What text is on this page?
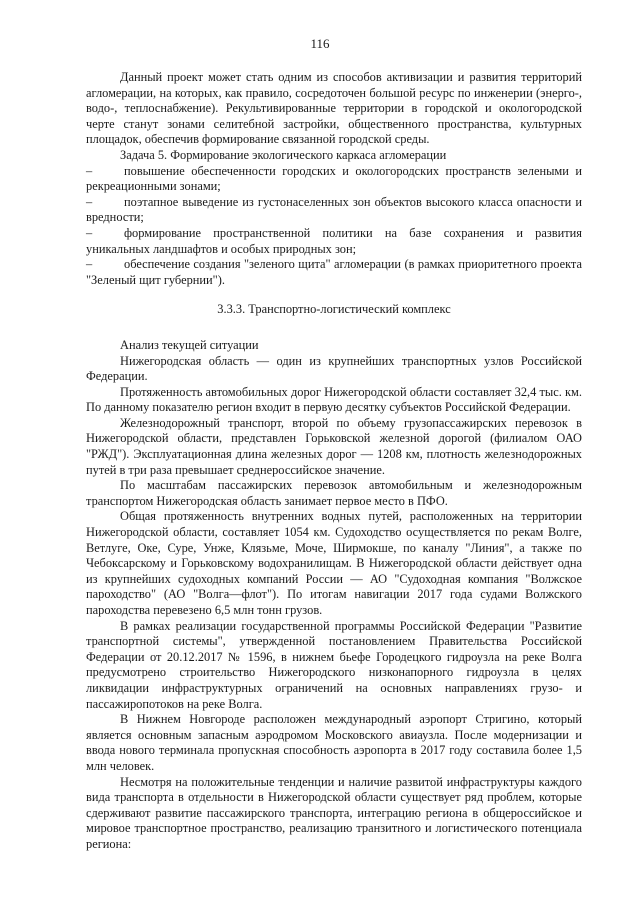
116

Данный проект может стать одним из способов активизации и развития территорий агломерации, на которых, как правило, сосредоточен большой ресурс по инженерии (энерго-, водо-, теплоснабжение). Рекультивированные территории в городской и окологородской черте станут зонами селитебной застройки, общественного пространства, культурных площадок, обеспечив формирование связанной городской среды.

Задача 5. Формирование экологического каркаса агломерации

–	повышение обеспеченности городских и окологородских пространств зелеными и рекреационными зонами;

–	поэтапное выведение из густонаселенных зон объектов высокого класса опасности и вредности;

–	формирование пространственной политики на базе сохранения и развития уникальных ландшафтов и особых природных зон;

–	обеспечение создания "зеленого щита" агломерации (в рамках приоритетного проекта "Зеленый щит губернии").

3.3.3. Транспортно-логистический комплекс

Анализ текущей ситуации

Нижегородская область — один из крупнейших транспортных узлов Российской Федерации.

Протяженность автомобильных дорог Нижегородской области составляет 32,4 тыс. км. По данному показателю регион входит в первую десятку субъектов Российской Федерации.

Железнодорожный транспорт, второй по объему грузопассажирских перевозок в Нижегородской области, представлен Горьковской железной дорогой (филиалом ОАО "РЖД"). Эксплуатационная длина железных дорог — 1208 км, плотность железнодорожных путей в три раза превышает среднероссийское значение.

По масштабам пассажирских перевозок автомобильным и железнодорожным транспортом Нижегородская область занимает первое место в ПФО.

Общая протяженность внутренних водных путей, расположенных на территории Нижегородской области, составляет 1054 км. Судоходство осуществляется по рекам Волге, Ветлуге, Оке, Суре, Унже, Клязьме, Моче, Ширмокше, по каналу "Линия", а также по Чебоксарскому и Горьковскому водохранилищам. В Нижегородской области действует одна из крупнейших судоходных компаний России — АО "Судоходная компания "Волжское пароходство" (АО "Волга—флот"). По итогам навигации 2017 года судами Волжского пароходства перевезено 6,5 млн тонн грузов.

В рамках реализации государственной программы Российской Федерации "Развитие транспортной системы", утвержденной постановлением Правительства Российской Федерации от 20.12.2017 № 1596, в нижнем бьефе Городецкого гидроузла на реке Волга предусмотрено строительство Нижегородского низконапорного гидроузла в целях ликвидации инфраструктурных ограничений на основных направлениях грузо- и пассажиропотоков на реке Волга.

В Нижнем Новгороде расположен международный аэропорт Стригино, который является основным запасным аэродромом Московского авиаузла. После модернизации и ввода нового терминала пропускная способность аэропорта в 2017 году составила более 1,5 млн человек.

Несмотря на положительные тенденции и наличие развитой инфраструктуры каждого вида транспорта в отдельности в Нижегородской области существует ряд проблем, которые сдерживают развитие пассажирского транспорта, интеграцию региона в общероссийское и мировое транспортное пространство, реализацию транзитного и логистического потенциала региона:
